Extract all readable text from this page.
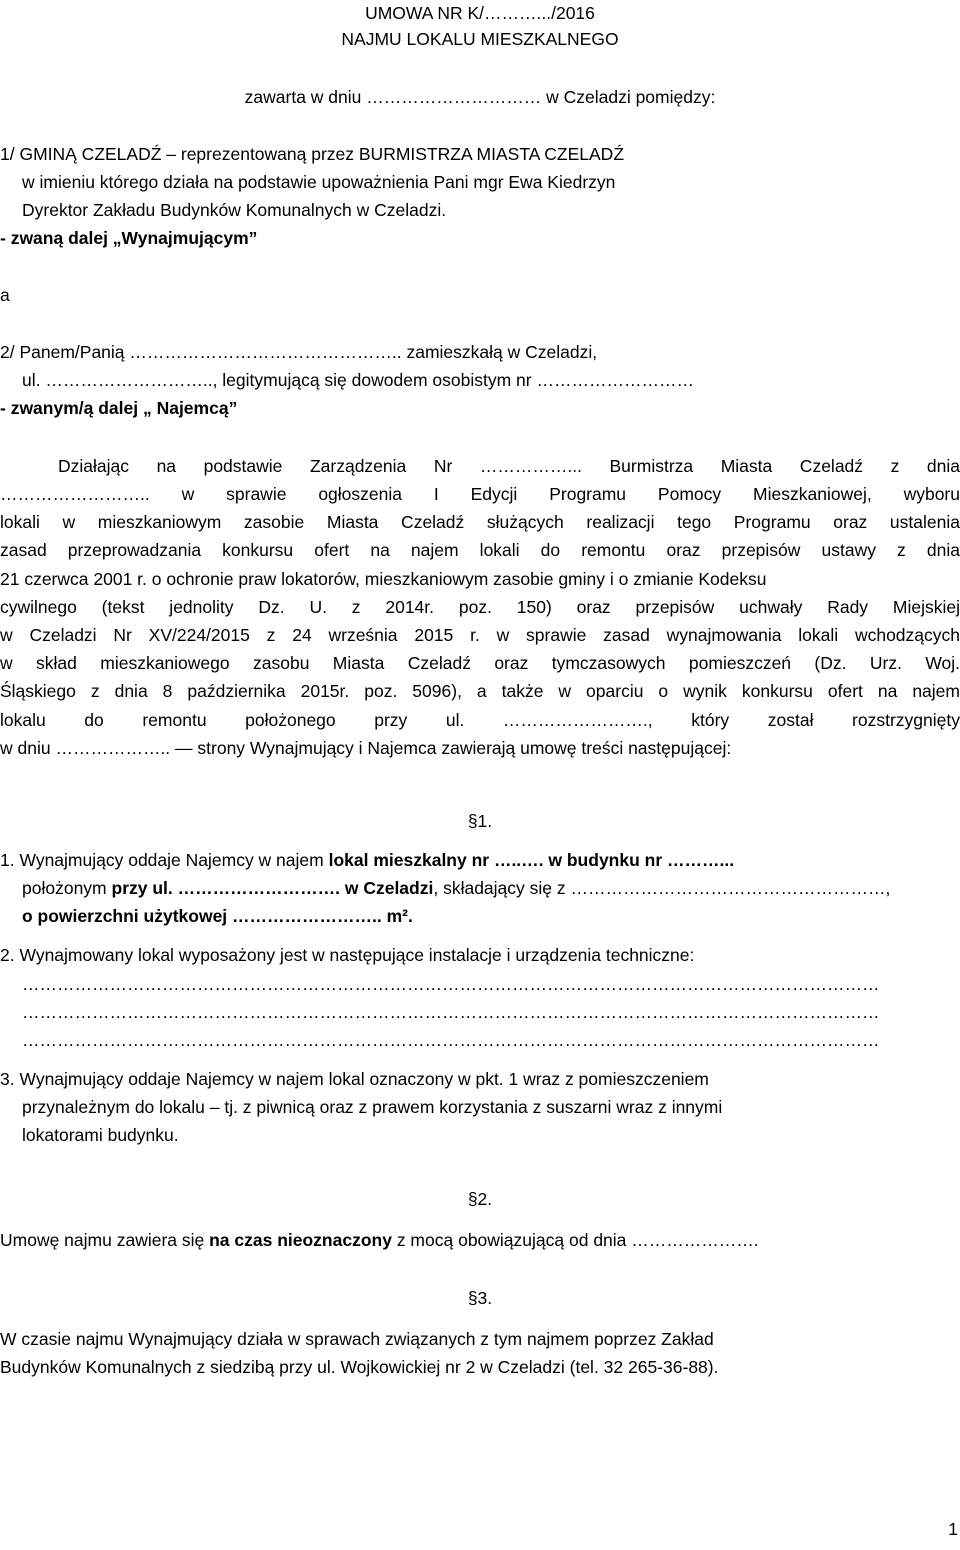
UMOWA NR K/……….../2016
NAJMU LOKALU MIESZKALNEGO
zawarta w dniu ………………………… w Czeladzi pomiędzy:
1/ GMINĄ CZELADŹ – reprezentowaną przez BURMISTRZA MIASTA CZELADŹ
w imieniu którego działa na podstawie upoważnienia Pani mgr Ewa Kiedrzyn
Dyrektor Zakładu Budynków Komunalnych w Czeladzi.
- zwaną dalej „Wynajmującym”
a
2/ Panem/Panią ……………………………………….. zamieszkałą w Czeladzi,
ul. ……………………….., legitymującą się dowodem osobistym nr ………………………
- zwanym/ą dalej „ Najemcą”
Działając na podstawie Zarządzenia Nr ……………... Burmistrza Miasta Czeladź z dnia
…………………….. w sprawie ogłoszenia I Edycji Programu Pomocy Mieszkaniowej, wyboru
lokali w mieszkaniowym zasobie Miasta Czeladź służących realizacji tego Programu oraz ustalenia
zasad przeprowadzania konkursu ofert na najem lokali do remontu oraz przepisów ustawy z dnia
21 czerwca 2001 r. o ochronie praw lokatorów, mieszkaniowym zasobie gminy i o zmianie Kodeksu
cywilnego (tekst jednolity Dz. U. z 2014r. poz. 150) oraz przepisów uchwały Rady Miejskiej
w Czeladzi Nr XV/224/2015 z 24 września 2015 r. w sprawie zasad wynajmowania lokali wchodzących
w skład mieszkaniowego zasobu Miasta Czeladź oraz tymczasowych pomieszczeń (Dz. Urz. Woj.
Śląskiego z dnia 8 października 2015r. poz. 5096), a także w oparciu o wynik konkursu ofert na najem
lokalu do remontu położonego przy ul. ……………………., który został rozstrzygnięty
w dniu ……………….. — strony Wynajmujący i Najemca zawierają umowę treści następującej:
§1.
1. Wynajmujący oddaje Najemcy w najem lokal mieszkalny nr …..…. w budynku nr ………...
położonym przy ul. ………………………. w Czeladzi, składający się z ………………………………………………,
o powierzchni użytkowej …………………….. m².
2. Wynajmowany lokal wyposażony jest w następujące instalacje i urządzenia techniczne:
…………………………………………………………………………………………………………………………………
…………………………………………………………………………………………………………………………………
…………………………………………………………………………………………………………………………………
3. Wynajmujący oddaje Najemcy w najem lokal oznaczony w pkt. 1 wraz z pomieszczeniem
przynależnym do lokalu – tj. z piwnicą oraz z prawem korzystania z suszarni wraz z innymi
lokatorami budynku.
§2.
Umowę najmu zawiera się na czas nieoznaczony z mocą obowiązującą od dnia ………………….
§3.
W czasie najmu Wynajmujący działa w sprawach związanych z tym najmem poprzez Zakład
Budynków Komunalnych z siedzibą przy ul. Wojkowickiej nr 2 w Czeladzi (tel. 32 265-36-88).
1
